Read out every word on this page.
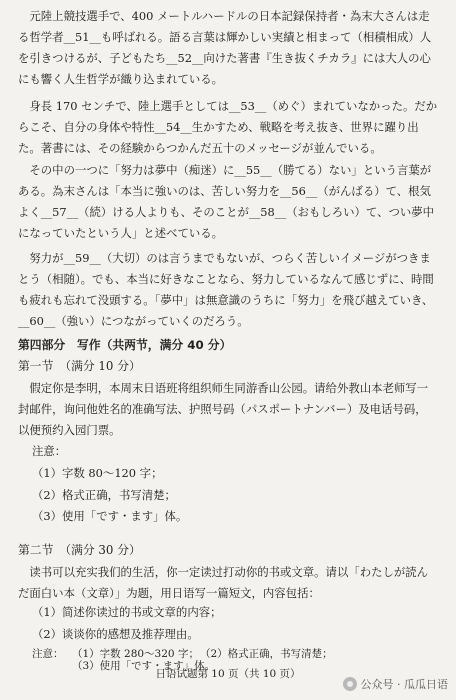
元陸上競技選手で、400 メートルハードルの日本記録保持者・為末大さんは走る哲学者__51__も呼ばれる。語る言葉は輝かしい実績と相まって（相積相成）人を引きつけるが、子どもたち__52__向けた著書『生き抜くチカラ』には大人の心にも響く人生哲学が織り込まれている。

身長 170 センチで、陸上選手としては__53__（めぐ）まれていなかった。だからこそ、自分の身体や特性__54__生かすため、戦略を考え抜き、世界に躍り出た。著書には、その経験からつかんだ五十のメッセージが並んでいる。

その中の一つに「努力は夢中（痴迷）に__55__（勝てる）ない」という言葉がある。為末さんは「本当に強いのは、苦しい努力を__56__（がんばる）て、根気よく__57__（続）ける人よりも、そのことが__58__（おもしろい）て、つい夢中になっていたという人」と述べている。

努力が__59__（大切）のは言うまでもないが、つらく苦しいイメージがつきまとう（相随）。でも、本当に好きなことなら、努力しているなんて感じずに、時間も疲れも忘れて没頭する。「夢中」は無意識のうちに「努力」を飛び越えていき、__60__（強い）につながっていくのだろう。

第四部分　写作（共两节，满分 40 分）
第一节　（满分 10 分）

假定你是李明，本周末日语班将组织师生同游香山公园。请给外教山本老师写一封邮件，询问他姓名的准确写法、护照号码（パスポートナンバー）及电话号码，以便预约入园门票。

注意：
（1）字数 80～120 字；
（2）格式正确，书写清楚；
（3）使用「です・ます」体。
第二节　（满分 30 分）

读书可以充实我们的生活，你一定读过打动你的书或文章。请以「わたしが読んだ面白い本（文章）」为题，用日语写一篇短文，内容包括：

（1）简述你读过的书或文章的内容；
（2）谈谈你的感想及推荐理由。
注意： （1）字数 280～320 字； （2）格式正确，书写清楚；
（3）使用「です・ます」体。
日语试题第 10 页（共 10 页）
公众号 · 瓜瓜日语
